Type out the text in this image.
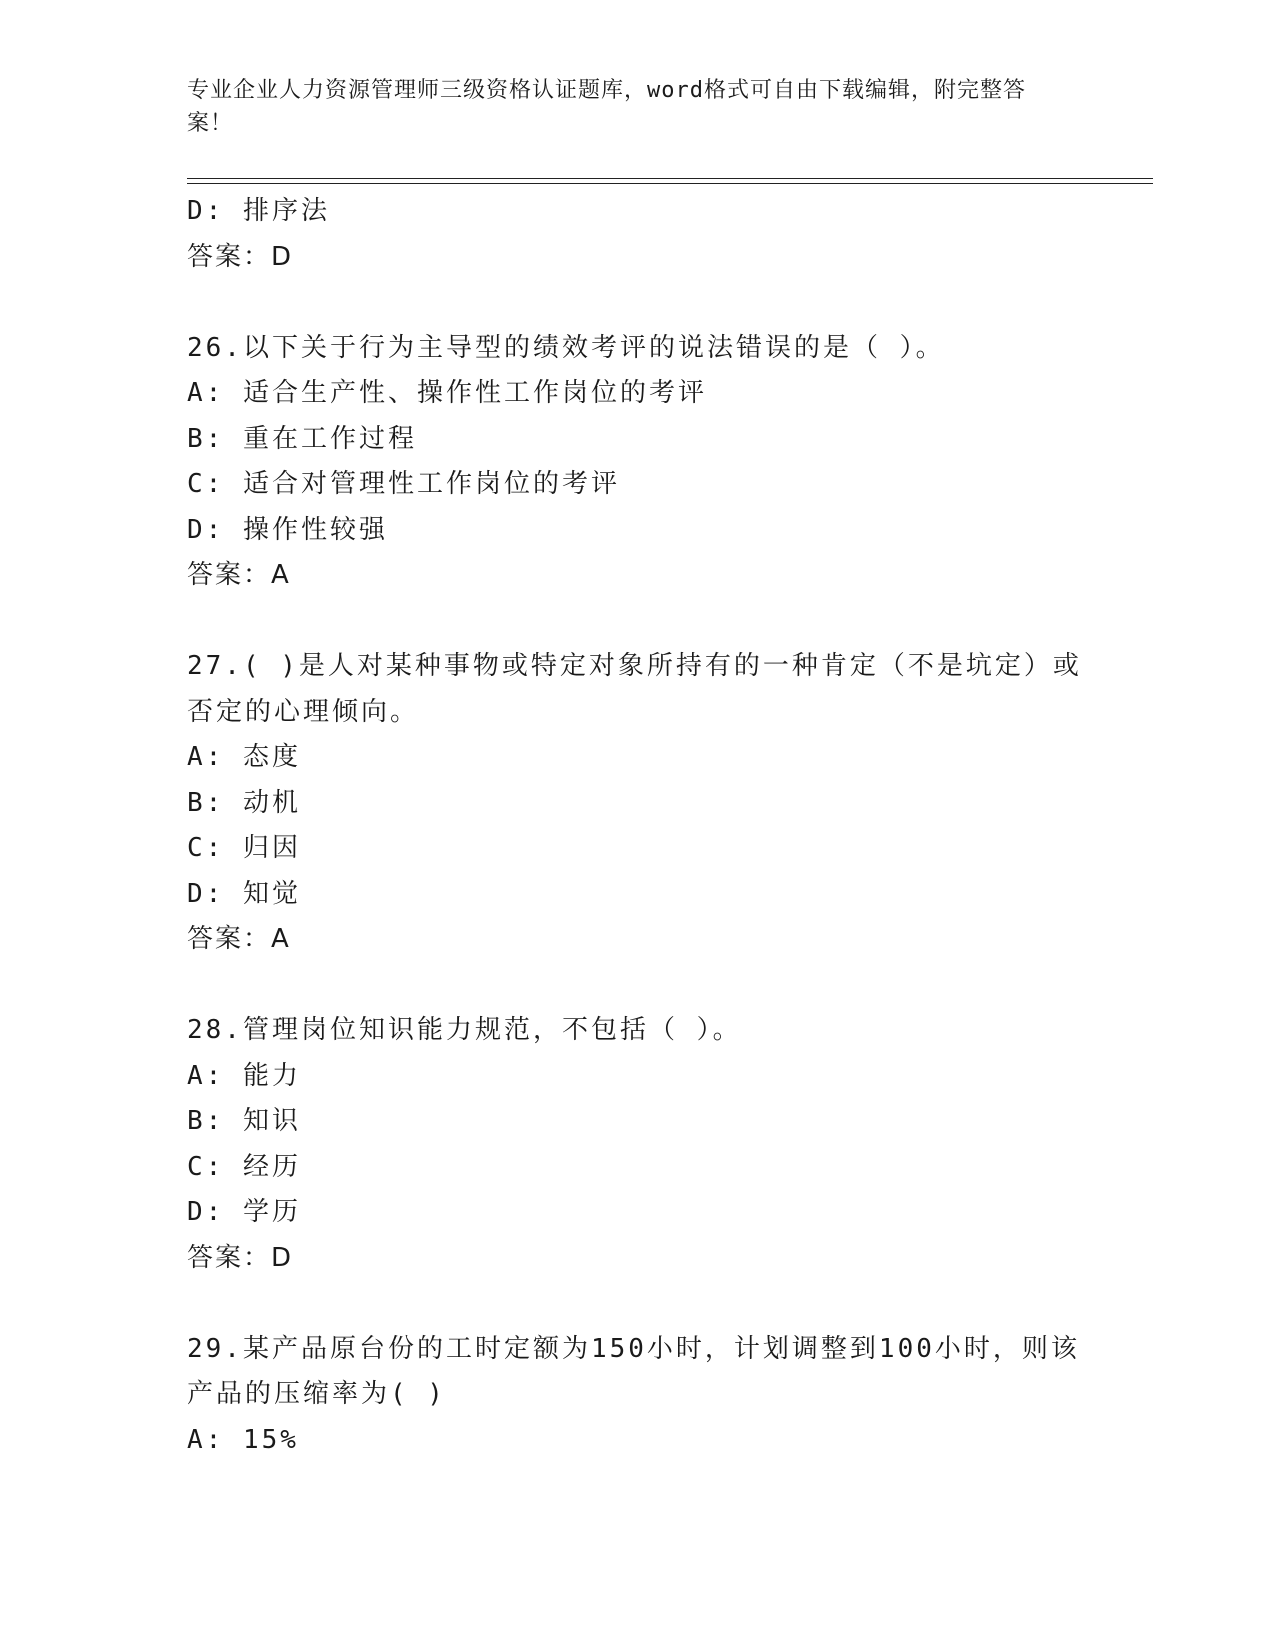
专业企业人力资源管理师三级资格认证题库，word格式可自由下载编辑，附完整答案！
D: 排序法
答案：D
26.以下关于行为主导型的绩效考评的说法错误的是（ ）。
A: 适合生产性、操作性工作岗位的考评
B: 重在工作过程
C: 适合对管理性工作岗位的考评
D: 操作性较强
答案：A
27.( )是人对某种事物或特定对象所持有的一种肯定（不是坑定）或
否定的心理倾向。
A: 态度
B: 动机
C: 归因
D: 知觉
答案：A
28.管理岗位知识能力规范，不包括（ ）。
A: 能力
B: 知识
C: 经历
D: 学历
答案：D
29.某产品原台份的工时定额为150小时，计划调整到100小时，则该
产品的压缩率为( )
A: 15%
